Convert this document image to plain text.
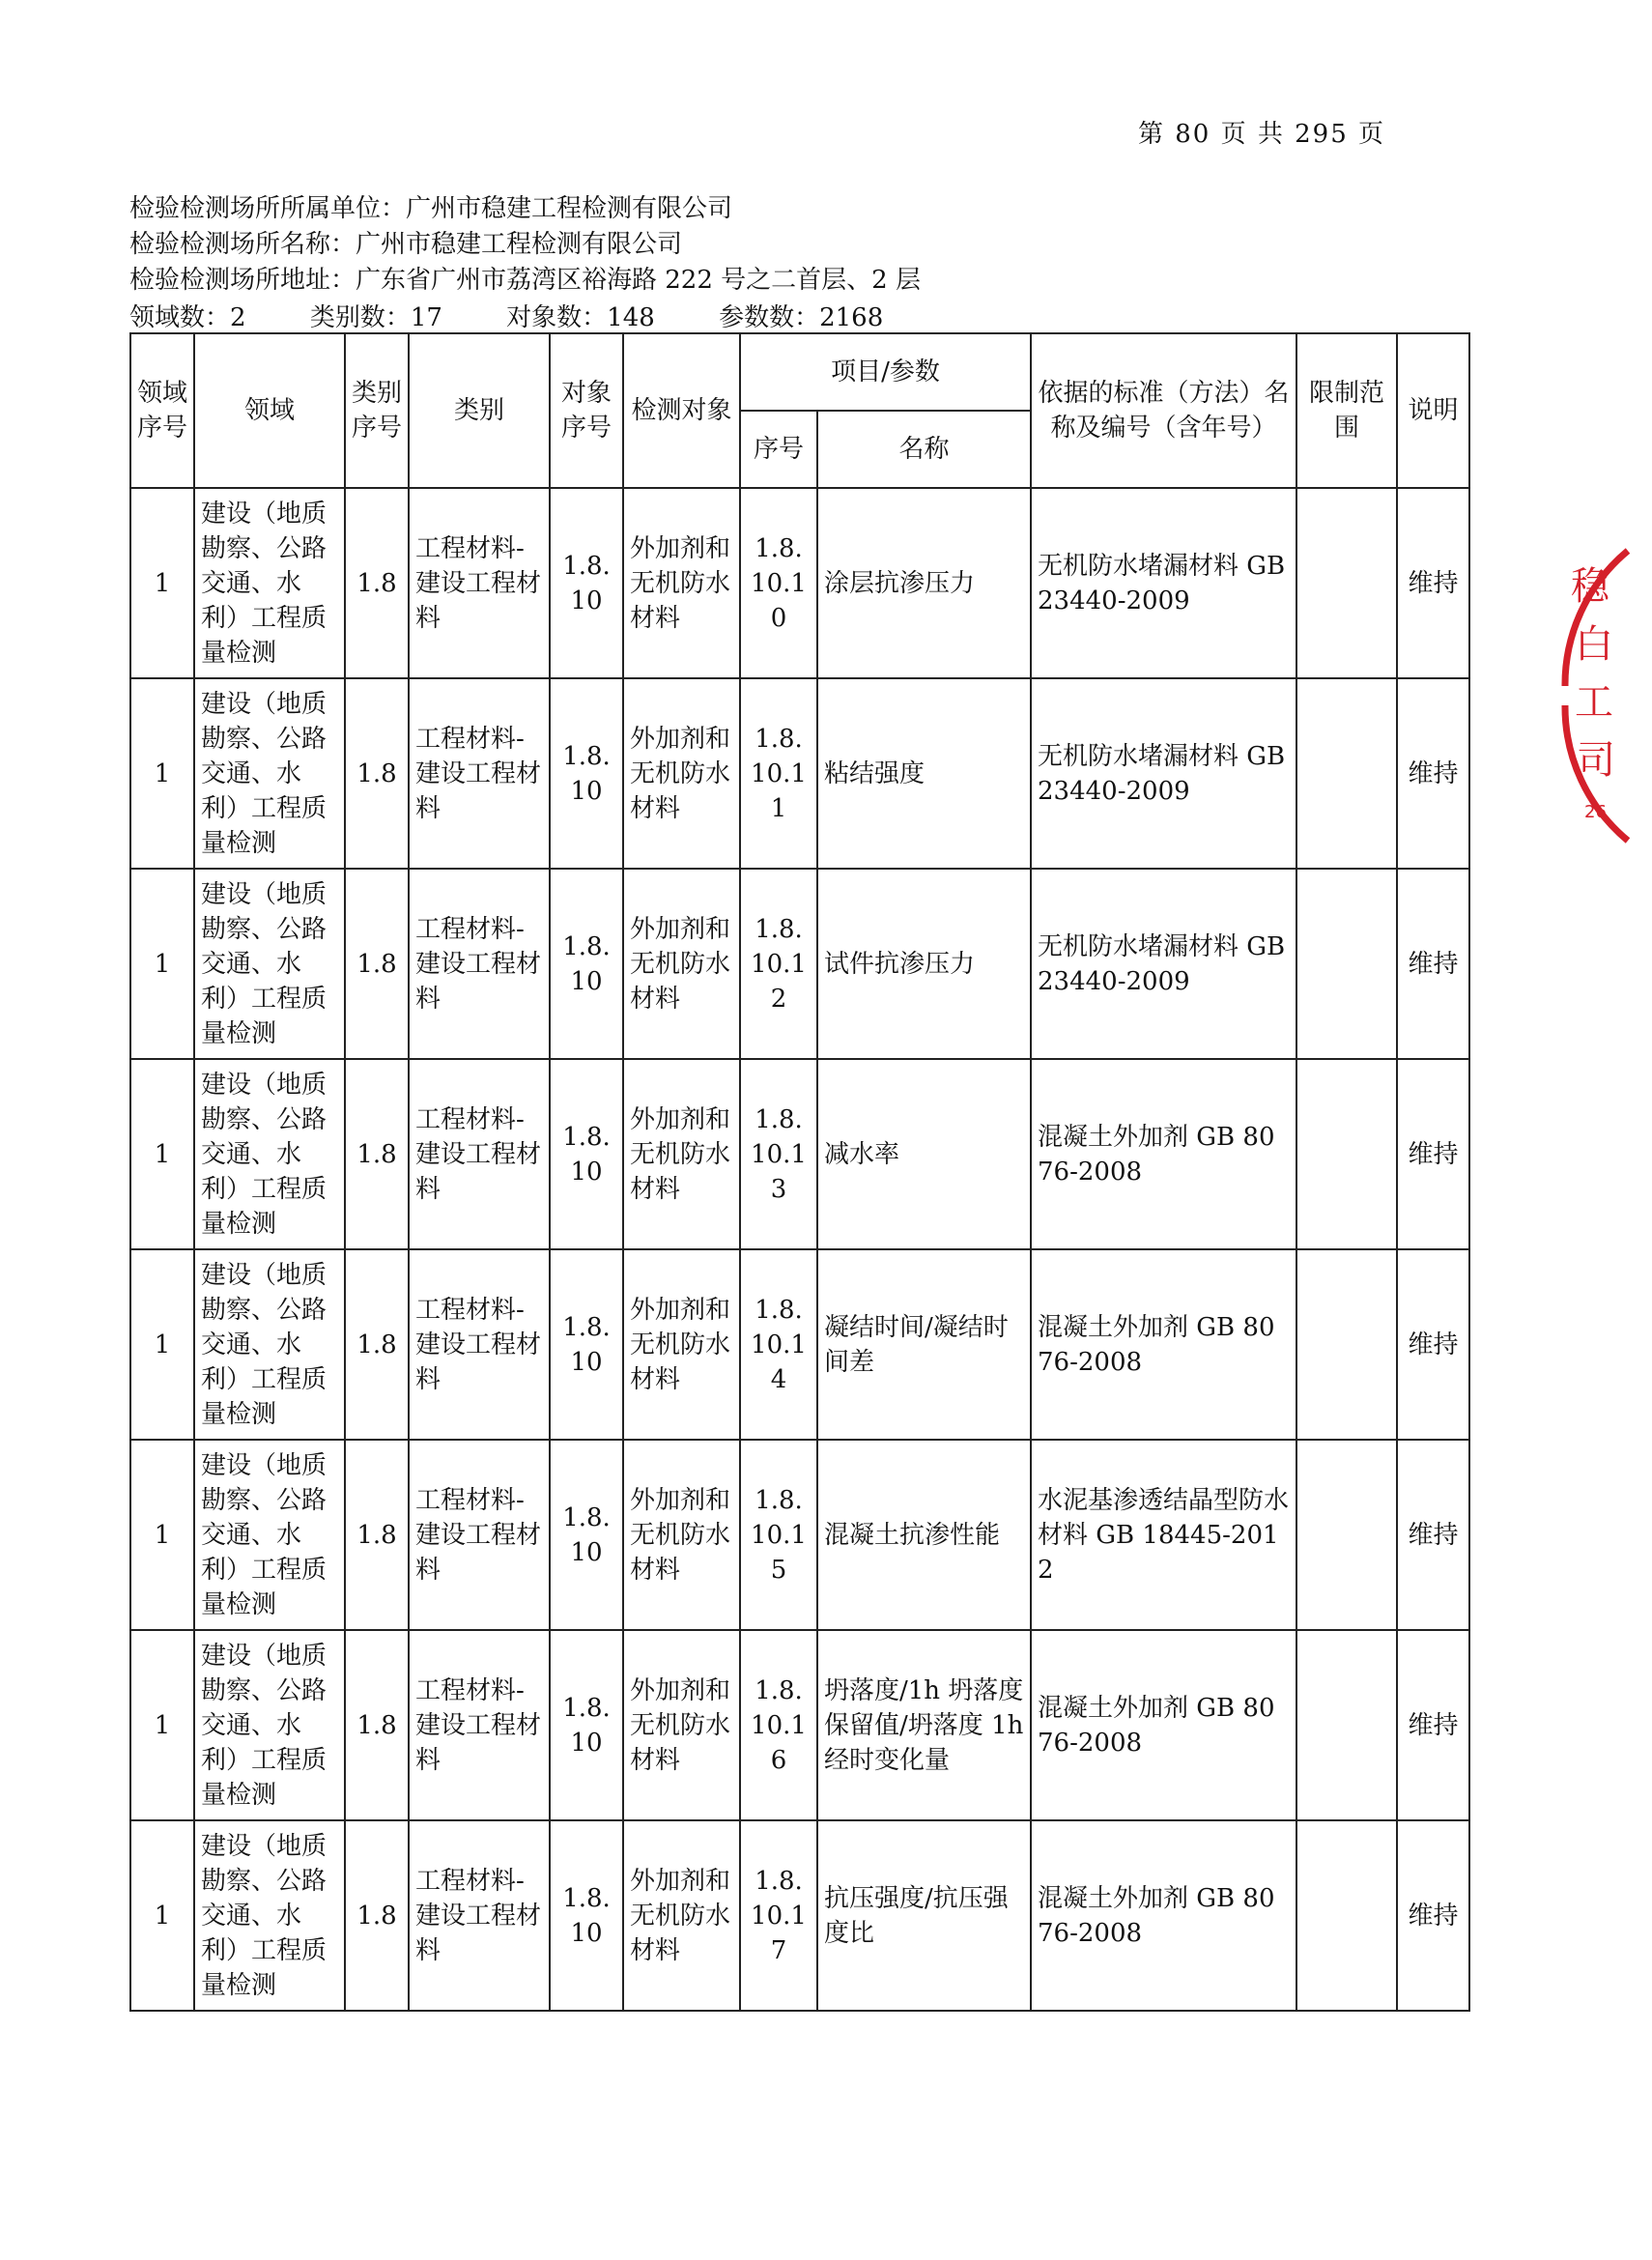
第 80 页 共 295 页
检验检测场所所属单位：广州市稳建工程检测有限公司
检验检测场所名称：广州市稳建工程检测有限公司
检验检测场所地址：广东省广州市荔湾区裕海路 222 号之二首层、2 层
领域数：2	类别数：17	对象数：148	参数数：2168
领域序号	领域	类别序号	类别	对象序号	检测对象	项目/参数		依据的标准（方法）名称及编号（含年号）	限制范围	说明
						序号	名称			
1	建设（地质勘察、公路交通、水利）工程质量检测	1.8	工程材料-建设工程材料	1.8.10	外加剂和无机防水材料	1.8.10.10	涂层抗渗压力	无机防水堵漏材料 GB 23440-2009		维持
1	建设（地质勘察、公路交通、水利）工程质量检测	1.8	工程材料-建设工程材料	1.8.10	外加剂和无机防水材料	1.8.10.11	粘结强度	无机防水堵漏材料 GB 23440-2009		维持
1	建设（地质勘察、公路交通、水利）工程质量检测	1.8	工程材料-建设工程材料	1.8.10	外加剂和无机防水材料	1.8.10.12	试件抗渗压力	无机防水堵漏材料 GB 23440-2009		维持
1	建设（地质勘察、公路交通、水利）工程质量检测	1.8	工程材料-建设工程材料	1.8.10	外加剂和无机防水材料	1.8.10.13	减水率	混凝土外加剂 GB 8076-2008		维持
1	建设（地质勘察、公路交通、水利）工程质量检测	1.8	工程材料-建设工程材料	1.8.10	外加剂和无机防水材料	1.8.10.14	凝结时间/凝结时间差	混凝土外加剂 GB 8076-2008		维持
1	建设（地质勘察、公路交通、水利）工程质量检测	1.8	工程材料-建设工程材料	1.8.10	外加剂和无机防水材料	1.8.10.15	混凝土抗渗性能	水泥基渗透结晶型防水材料 GB 18445-2012		维持
1	建设（地质勘察、公路交通、水利）工程质量检测	1.8	工程材料-建设工程材料	1.8.10	外加剂和无机防水材料	1.8.10.16	坍落度/1h 坍落度保留值/坍落度 1h经时变化量	混凝土外加剂 GB 8076-2008		维持
1	建设（地质勘察、公路交通、水利）工程质量检测	1.8	工程材料-建设工程材料	1.8.10	外加剂和无机防水材料	1.8.10.17	抗压强度/抗压强度比	混凝土外加剂 GB 8076-2008		维持
稳
白
工
司
26
